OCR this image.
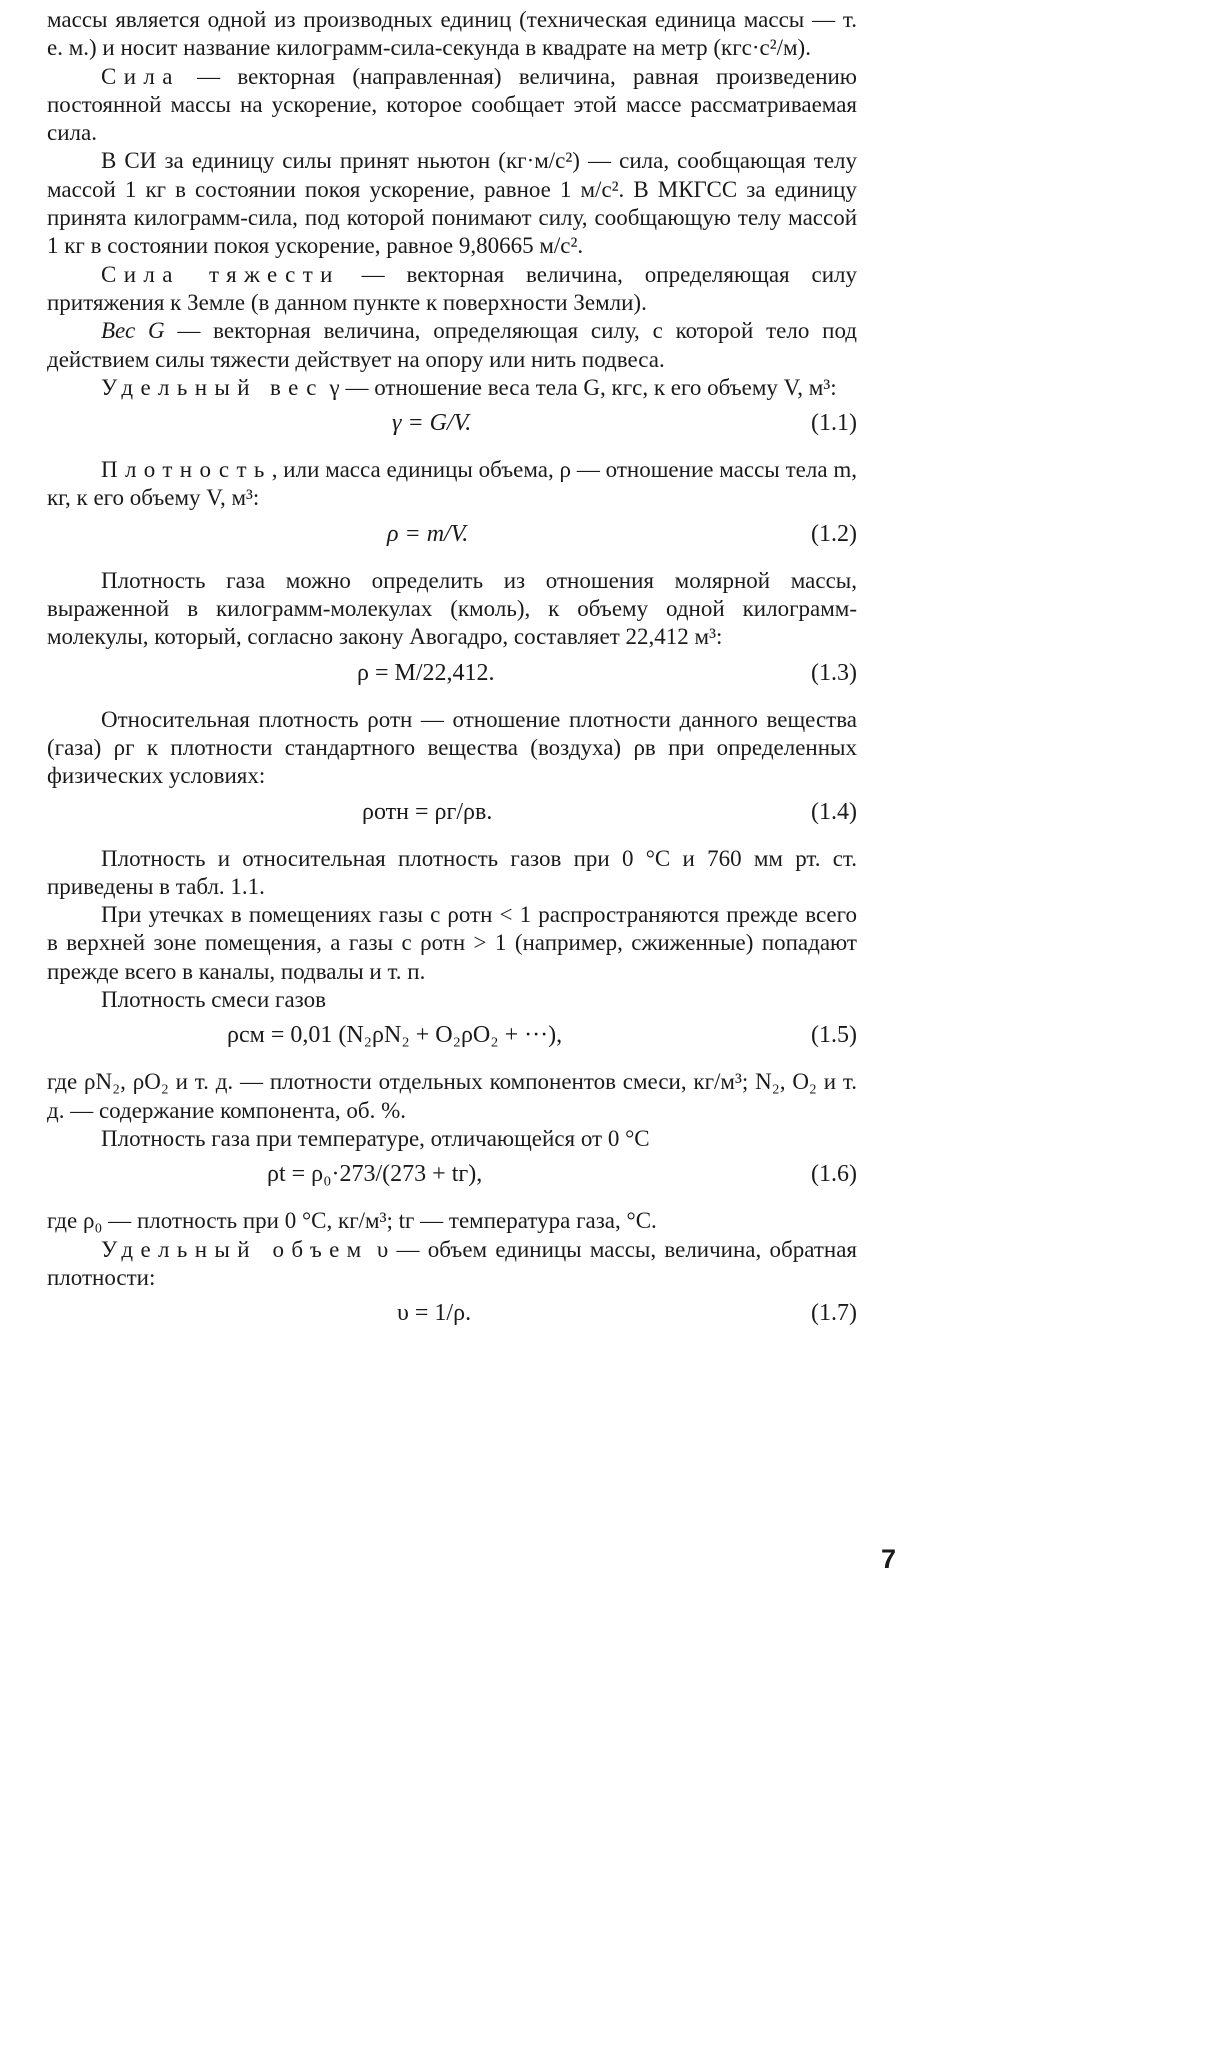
массы является одной из производных единиц (техническая единица массы — т. е. м.) и носит название килограмм-сила-секунда в квадрате на метр (кгс·с²/м).

Сила — векторная (направленная) величина, равная произведению постоянной массы на ускорение, которое сообщает этой массе рассматриваемая сила.

В СИ за единицу силы принят ньютон (кг·м/с²) — сила, сообщающая телу массой 1 кг в состоянии покоя ускорение, равное 1 м/с². В МКГСС за единицу принята килограмм-сила, под которой понимают силу, сообщающую телу массой 1 кг в состоянии покоя ускорение, равное 9,80665 м/с².

Сила тяжести — векторная величина, определяющая силу притяжения к Земле (в данном пункте к поверхности Земли).

Вес G — векторная величина, определяющая силу, с которой тело под действием силы тяжести действует на опору или нить подвеса.

Удельный вес γ — отношение веса тела G, кгс, к его объему V, м³:

γ = G/V.	(1.1)

Плотность, или масса единицы объема, ρ — отношение массы тела m, кг, к его объему V, м³:

ρ = m/V.	(1.2)

Плотность газа можно определить из отношения молярной массы, выраженной в килограмм-молекулах (кмоль), к объему одной килограмм-молекулы, который, согласно закону Авогадро, составляет 22,412 м³:

ρ = M/22,412.	(1.3)

Относительная плотность ρотн — отношение плотности данного вещества (газа) ρг к плотности стандартного вещества (воздуха) ρв при определенных физических условиях:

ρотн = ρг/ρв.	(1.4)

Плотность и относительная плотность газов при 0 °С и 760 мм рт. ст. приведены в табл. 1.1.

При утечках в помещениях газы с ρотн < 1 распространяются прежде всего в верхней зоне помещения, а газы с ρотн > 1 (например, сжиженные) попадают прежде всего в каналы, подвалы и т. п.

Плотность смеси газов

ρсм = 0,01 (N₂ρN₂ + O₂ρO₂ + ···),	(1.5)

где ρN₂, ρO₂ и т. д. — плотности отдельных компонентов смеси, кг/м³; N₂, O₂ и т. д. — содержание компонента, об. %.

Плотность газа при температуре, отличающейся от 0 °С

ρt = ρ₀·273/(273 + tг),	(1.6)

где ρ₀ — плотность при 0 °С, кг/м³; tг — температура газа, °С.

Удельный объем υ — объем единицы массы, величина, обратная плотности:

υ = 1/ρ.	(1.7)
7
